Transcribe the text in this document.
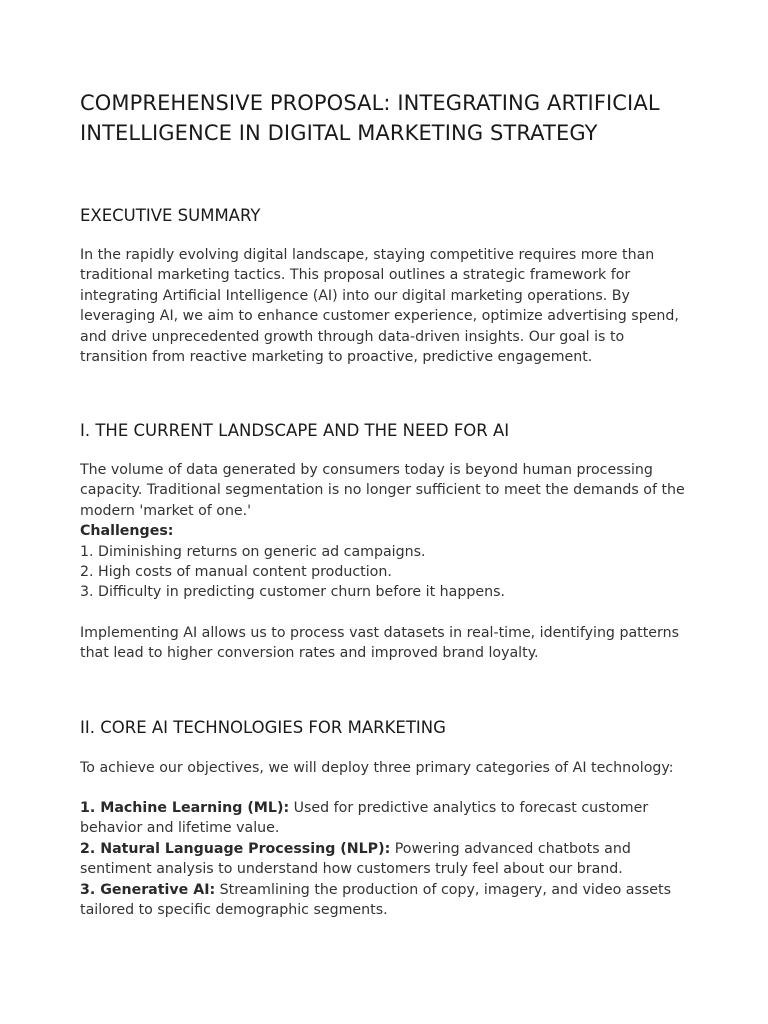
COMPREHENSIVE PROPOSAL: INTEGRATING ARTIFICIAL INTELLIGENCE IN DIGITAL MARKETING STRATEGY
EXECUTIVE SUMMARY

In the rapidly evolving digital landscape, staying competitive requires more than traditional marketing tactics. This proposal outlines a strategic framework for integrating Artificial Intelligence (AI) into our digital marketing operations. By leveraging AI, we aim to enhance customer experience, optimize advertising spend, and drive unprecedented growth through data-driven insights. Our goal is to transition from reactive marketing to proactive, predictive engagement.

I. THE CURRENT LANDSCAPE AND THE NEED FOR AI
The volume of data generated by consumers today is beyond human processing capacity. Traditional segmentation is no longer sufficient to meet the demands of the modern 'market of one.'
Challenges:
1. Diminishing returns on generic ad campaigns.
2. High costs of manual content production.
3. Difficulty in predicting customer churn before it happens.

Implementing AI allows us to process vast datasets in real-time, identifying patterns that lead to higher conversion rates and improved brand loyalty.

II. CORE AI TECHNOLOGIES FOR MARKETING

To achieve our objectives, we will deploy three primary categories of AI technology:

1. Machine Learning (ML): Used for predictive analytics to forecast customer behavior and lifetime value.
2. Natural Language Processing (NLP): Powering advanced chatbots and sentiment analysis to understand how customers truly feel about our brand.
3. Generative AI: Streamlining the production of copy, imagery, and video assets tailored to specific demographic segments.
